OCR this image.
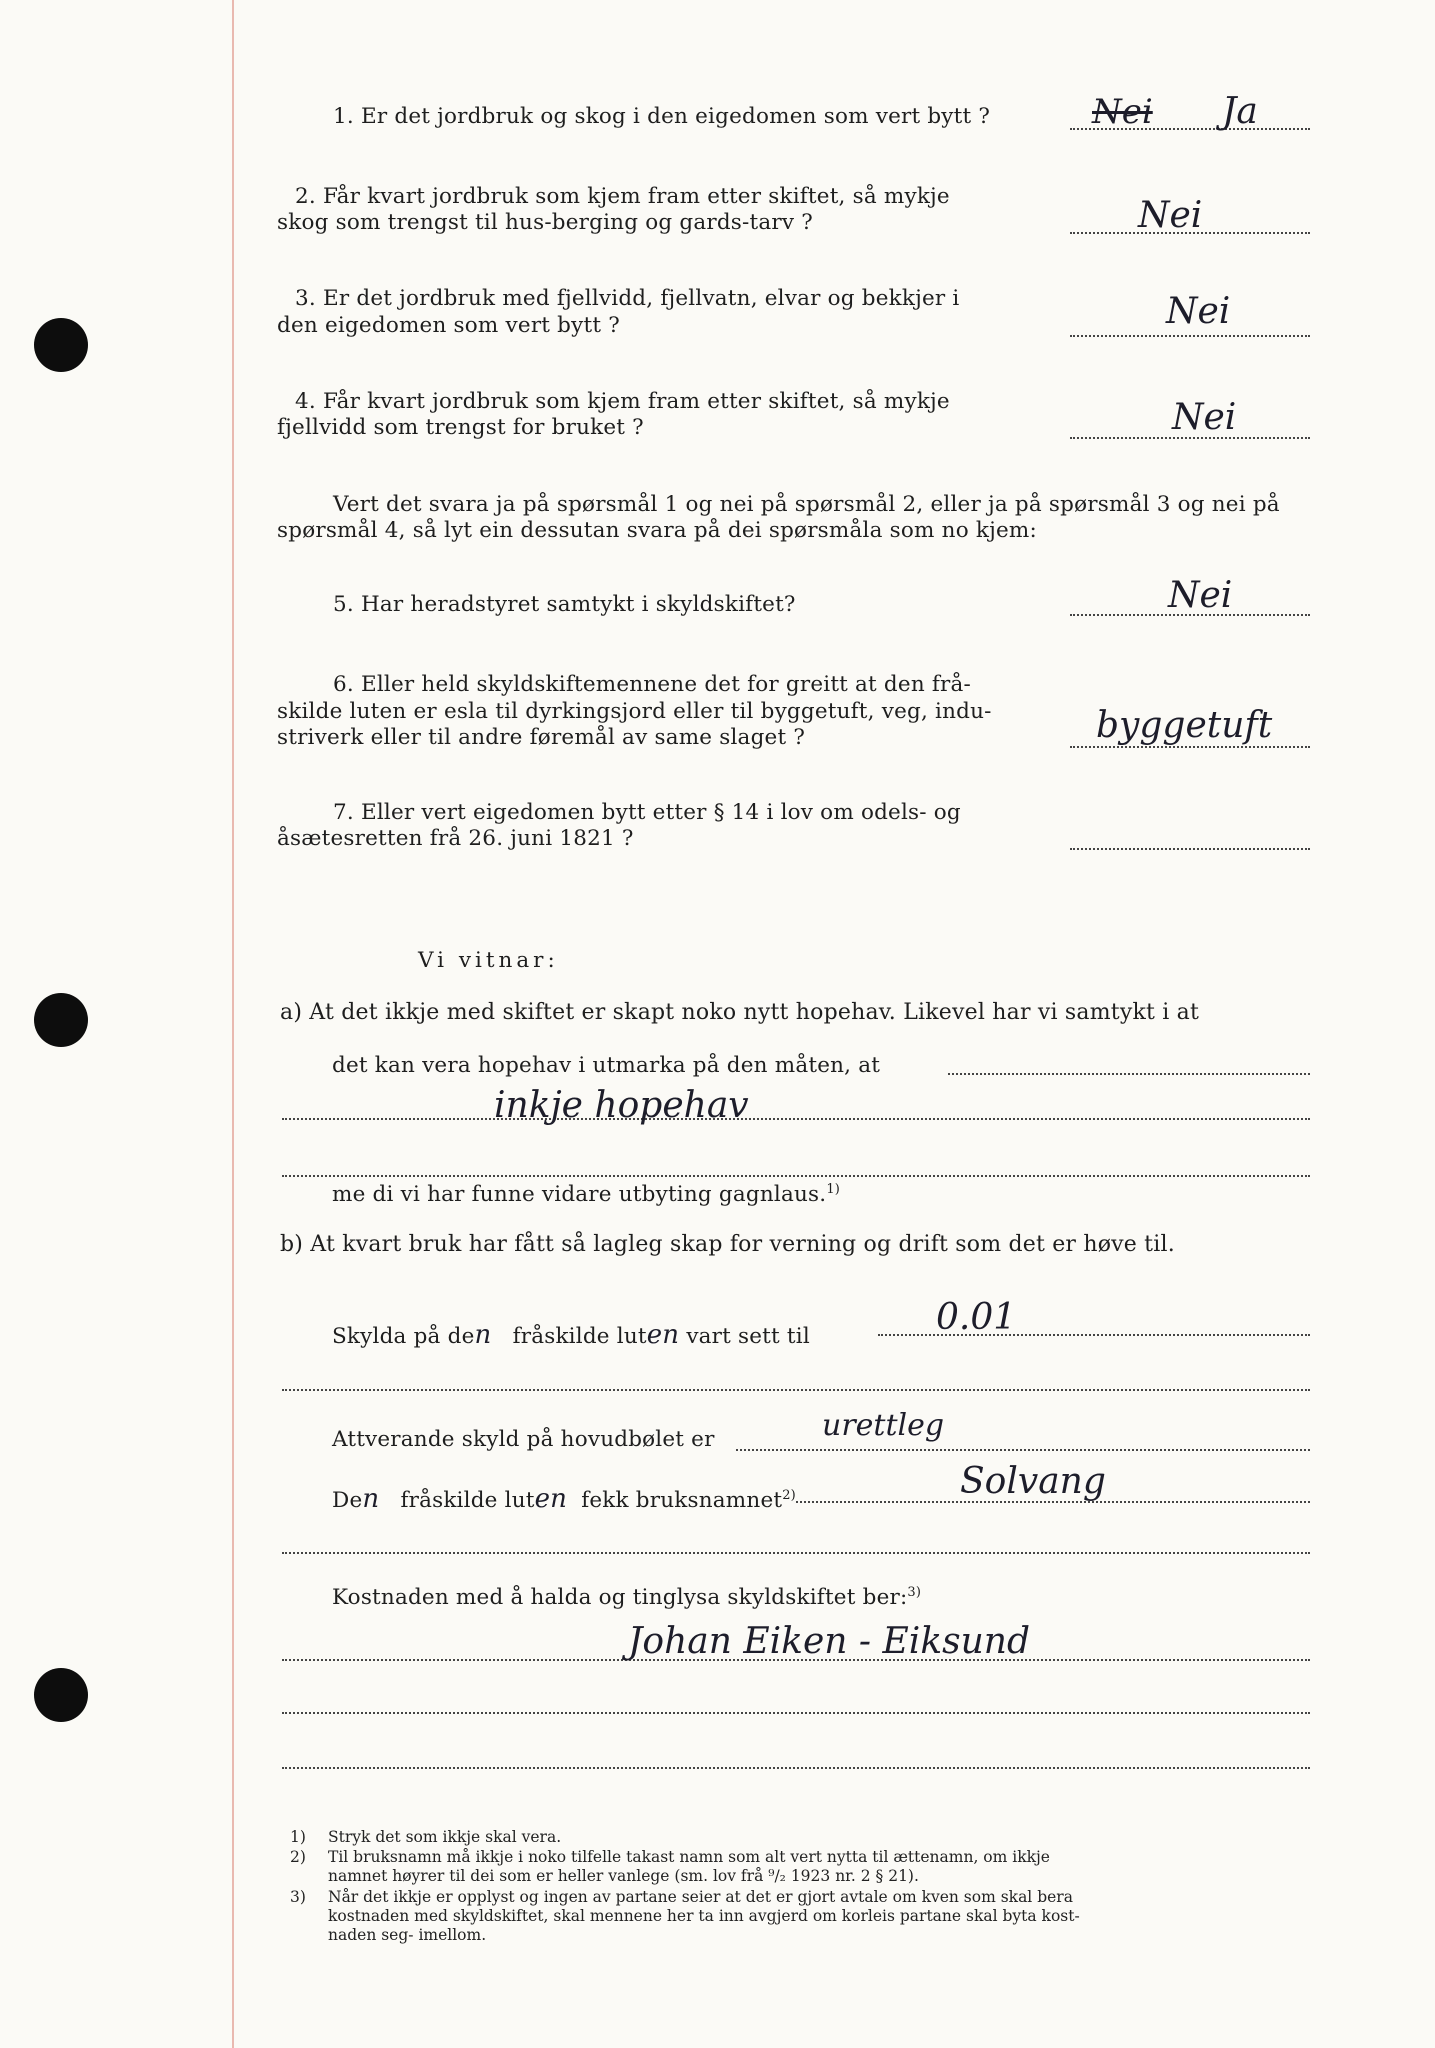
1. Er det jordbruk og skog i den eigedomen som vert bytt ?	Nei Ja
2. Får kvart jordbruk som kjem fram etter skiftet, så mykje
skog som trengst til hus-berging og gards-tarv ?	Nei
3. Er det jordbruk med fjellvidd, fjellvatn, elvar og bekkjer i
den eigedomen som vert bytt ?	Nei
4. Får kvart jordbruk som kjem fram etter skiftet, så mykje
fjellvidd som trengst for bruket ?	Nei
Vert det svara ja på spørsmål 1 og nei på spørsmål 2, eller ja på spørsmål 3 og nei på
spørsmål 4, så lyt ein dessutan svara på dei spørsmåla som no kjem:
5. Har heradstyret samtykt i skyldskiftet?	Nei
6. Eller held skyldskiftemennene det for greitt at den frå-
skilde luten er esla til dyrkingsjord eller til byggetuft, veg, indu-
striverk eller til andre føremål av same slaget ?	byggetuft
7. Eller vert eigedomen bytt etter § 14 i lov om odels- og
åsætesretten frå 26. juni 1821 ?
Vi vitnar:
a) At det ikkje med skiftet er skapt noko nytt hopehav. Likevel har vi samtykt i at
det kan vera hopehav i utmarka på den måten, at
inkje hopehav
me di vi har funne vidare utbyting gagnlaus.$^{1)}$
b) At kvart bruk har fått så lagleg skap for verning og drift som det er høve til.
Skylda på den fråskilde luten vart sett til	0.01
Attverande skyld på hovudbølet er	urettleg
Den fråskilde luten fekk bruksnamnet$^{2)}$	Solvang
Kostnaden med å halda og tinglysa skyldskiftet ber:$^{3)}$
Johan Eiken - Eiksund
1) Stryk det som ikkje skal vera.
2) Til bruksnamn må ikkje i noko tilfelle takast namn som alt vert nytta til ættenamn, om ikkje
namnet høyrer til dei som er heller vanlege (sm. lov frå ⁹/₂ 1923 nr. 2 § 21).
3) Når det ikkje er opplyst og ingen av partane seier at det er gjort avtale om kven som skal bera
kostnaden med skyldskiftet, skal mennene her ta inn avgjerd om korleis partane skal byta kost-
naden seg- imellom.
